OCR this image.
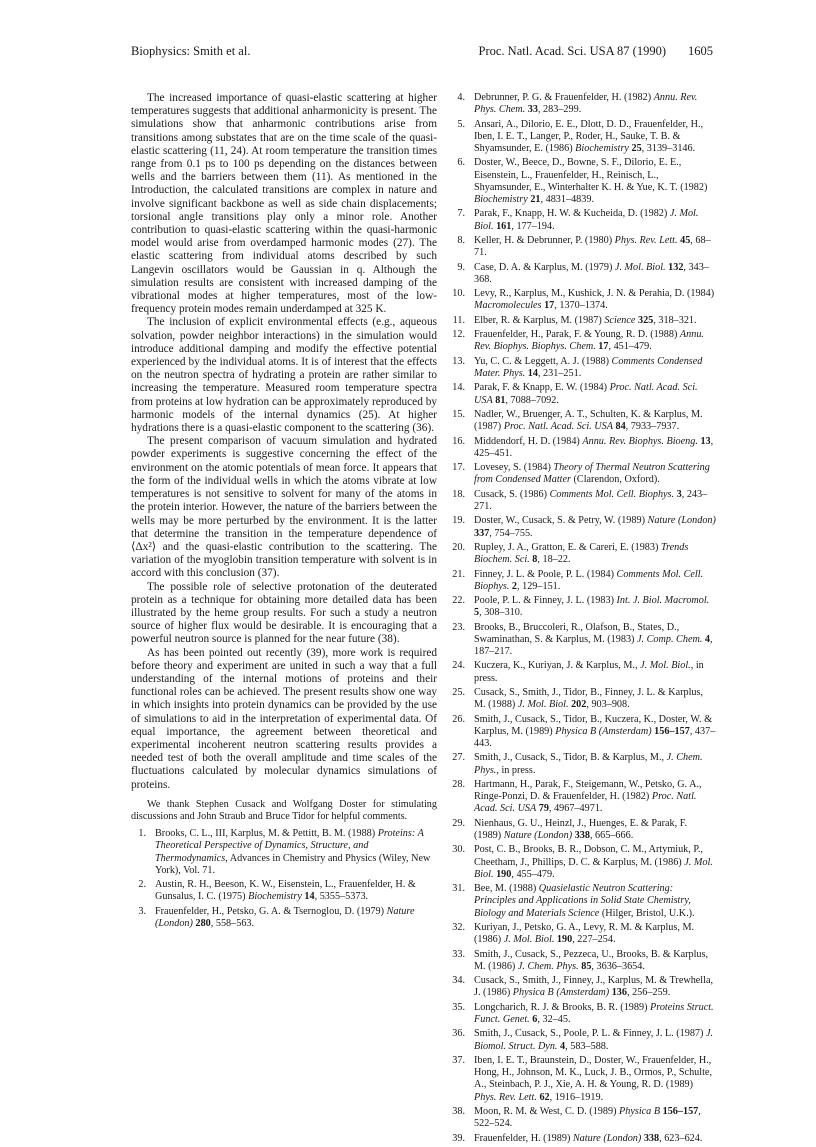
Biophysics: Smith et al.	Proc. Natl. Acad. Sci. USA 87 (1990) 1605

The increased importance of quasi-elastic scattering at higher temperatures suggests that additional anharmonicity is present. The simulations show that anharmonic contributions arise from transitions among substates that are on the time scale of the quasi-elastic scattering (11, 24). At room temperature the transition times range from 0.1 ps to 100 ps depending on the distances between wells and the barriers between them (11). As mentioned in the Introduction, the calculated transitions are complex in nature and involve significant backbone as well as side chain displacements; torsional angle transitions play only a minor role. Another contribution to quasi-elastic scattering within the quasi-harmonic model would arise from overdamped harmonic modes (27). The elastic scattering from individual atoms described by such Langevin oscillators would be Gaussian in q. Although the simulation results are consistent with increased damping of the vibrational modes at higher temperatures, most of the low-frequency protein modes remain underdamped at 325 K.

The inclusion of explicit environmental effects (e.g., aqueous solvation, powder neighbor interactions) in the simulation would introduce additional damping and modify the effective potential experienced by the individual atoms. It is of interest that the effects on the neutron spectra of hydrating a protein are rather similar to increasing the temperature. Measured room temperature spectra from proteins at low hydration can be approximately reproduced by harmonic models of the internal dynamics (25). At higher hydrations there is a quasi-elastic component to the scattering (36).

The present comparison of vacuum simulation and hydrated powder experiments is suggestive concerning the effect of the environment on the atomic potentials of mean force. It appears that the form of the individual wells in which the atoms vibrate at low temperatures is not sensitive to solvent for many of the atoms in the protein interior. However, the nature of the barriers between the wells may be more perturbed by the environment. It is the latter that determine the transition in the temperature dependence of ⟨Δx²⟩ and the quasi-elastic contribution to the scattering. The variation of the myoglobin transition temperature with solvent is in accord with this conclusion (37).

The possible role of selective protonation of the deuterated protein as a technique for obtaining more detailed data has been illustrated by the heme group results. For such a study a neutron source of higher flux would be desirable. It is encouraging that a powerful neutron source is planned for the near future (38).

As has been pointed out recently (39), more work is required before theory and experiment are united in such a way that a full understanding of the internal motions of proteins and their functional roles can be achieved. The present results show one way in which insights into protein dynamics can be provided by the use of simulations to aid in the interpretation of experimental data. Of equal importance, the agreement between theoretical and experimental incoherent neutron scattering results provides a needed test of both the overall amplitude and time scales of the fluctuations calculated by molecular dynamics simulations of proteins.

We thank Stephen Cusack and Wolfgang Doster for stimulating discussions and John Straub and Bruce Tidor for helpful comments.

1. Brooks, C. L., III, Karplus, M. & Pettitt, B. M. (1988) Proteins: A Theoretical Perspective of Dynamics, Structure, and Thermodynamics, Advances in Chemistry and Physics (Wiley, New York), Vol. 71.
2. Austin, R. H., Beeson, K. W., Eisenstein, L., Frauenfelder, H. & Gunsalus, I. C. (1975) Biochemistry 14, 5355–5373.
3. Frauenfelder, H., Petsko, G. A. & Tsernoglou, D. (1979) Nature (London) 280, 558–563.
4. Debrunner, P. G. & Frauenfelder, H. (1982) Annu. Rev. Phys. Chem. 33, 283–299.
5. Ansari, A., Dilorio, E. E., Dlott, D. D., Frauenfelder, H., Iben, I. E. T., Langer, P., Roder, H., Sauke, T. B. & Shyamsunder, E. (1986) Biochemistry 25, 3139–3146.
6. Doster, W., Beece, D., Bowne, S. F., Dilorio, E. E., Eisenstein, L., Frauenfelder, H., Reinisch, L., Shyamsunder, E., Winterhalter K. H. & Yue, K. T. (1982) Biochemistry 21, 4831–4839.
7. Parak, F., Knapp, H. W. & Kucheida, D. (1982) J. Mol. Biol. 161, 177–194.
8. Keller, H. & Debrunner, P. (1980) Phys. Rev. Lett. 45, 68–71.
9. Case, D. A. & Karplus, M. (1979) J. Mol. Biol. 132, 343–368.
10. Levy, R., Karplus, M., Kushick, J. N. & Perahia, D. (1984) Macromolecules 17, 1370–1374.
11. Elber, R. & Karplus, M. (1987) Science 325, 318–321.
12. Frauenfelder, H., Parak, F. & Young, R. D. (1988) Annu. Rev. Biophys. Biophys. Chem. 17, 451–479.
13. Yu, C. C. & Leggett, A. J. (1988) Comments Condensed Mater. Phys. 14, 231–251.
14. Parak, F. & Knapp, E. W. (1984) Proc. Natl. Acad. Sci. USA 81, 7088–7092.
15. Nadler, W., Bruenger, A. T., Schulten, K. & Karplus, M. (1987) Proc. Natl. Acad. Sci. USA 84, 7933–7937.
16. Middendorf, H. D. (1984) Annu. Rev. Biophys. Bioeng. 13, 425–451.
17. Lovesey, S. (1984) Theory of Thermal Neutron Scattering from Condensed Matter (Clarendon, Oxford).
18. Cusack, S. (1986) Comments Mol. Cell. Biophys. 3, 243–271.
19. Doster, W., Cusack, S. & Petry, W. (1989) Nature (London) 337, 754–755.
20. Rupley, J. A., Gratton, E. & Careri, E. (1983) Trends Biochem. Sci. 8, 18–22.
21. Finney, J. L. & Poole, P. L. (1984) Comments Mol. Cell. Biophys. 2, 129–151.
22. Poole, P. L. & Finney, J. L. (1983) Int. J. Biol. Macromol. 5, 308–310.
23. Brooks, B., Bruccoleri, R., Olafson, B., States, D., Swaminathan, S. & Karplus, M. (1983) J. Comp. Chem. 4, 187–217.
24. Kuczera, K., Kuriyan, J. & Karplus, M., J. Mol. Biol., in press.
25. Cusack, S., Smith, J., Tidor, B., Finney, J. L. & Karplus, M. (1988) J. Mol. Biol. 202, 903–908.
26. Smith, J., Cusack, S., Tidor, B., Kuczera, K., Doster, W. & Karplus, M. (1989) Physica B (Amsterdam) 156–157, 437–443.
27. Smith, J., Cusack, S., Tidor, B. & Karplus, M., J. Chem. Phys., in press.
28. Hartmann, H., Parak, F., Steigemann, W., Petsko, G. A., Ringe-Ponzi, D. & Frauenfelder, H. (1982) Proc. Natl. Acad. Sci. USA 79, 4967–4971.
29. Nienhaus, G. U., Heinzl, J., Huenges, E. & Parak, F. (1989) Nature (London) 338, 665–666.
30. Post, C. B., Brooks, B. R., Dobson, C. M., Artymiuk, P., Cheetham, J., Phillips, D. C. & Karplus, M. (1986) J. Mol. Biol. 190, 455–479.
31. Bee, M. (1988) Quasielastic Neutron Scattering: Principles and Applications in Solid State Chemistry, Biology and Materials Science (Hilger, Bristol, U.K.).
32. Kuriyan, J., Petsko, G. A., Levy, R. M. & Karplus, M. (1986) J. Mol. Biol. 190, 227–254.
33. Smith, J., Cusack, S., Pezzeca, U., Brooks, B. & Karplus, M. (1986) J. Chem. Phys. 85, 3636–3654.
34. Cusack, S., Smith, J., Finney, J., Karplus, M. & Trewhella, J. (1986) Physica B (Amsterdam) 136, 256–259.
35. Longcharich, R. J. & Brooks, B. R. (1989) Proteins Struct. Funct. Genet. 6, 32–45.
36. Smith, J., Cusack, S., Poole, P. L. & Finney, J. L. (1987) J. Biomol. Struct. Dyn. 4, 583–588.
37. Iben, I. E. T., Braunstein, D., Doster, W., Frauenfelder, H., Hong, H., Johnson, M. K., Luck, J. B., Ormos, P., Schulte, A., Steinbach, P. J., Xie, A. H. & Young, R. D. (1989) Phys. Rev. Lett. 62, 1916–1919.
38. Moon, R. M. & West, C. D. (1989) Physica B 156–157, 522–524.
39. Frauenfelder, H. (1989) Nature (London) 338, 623–624.
